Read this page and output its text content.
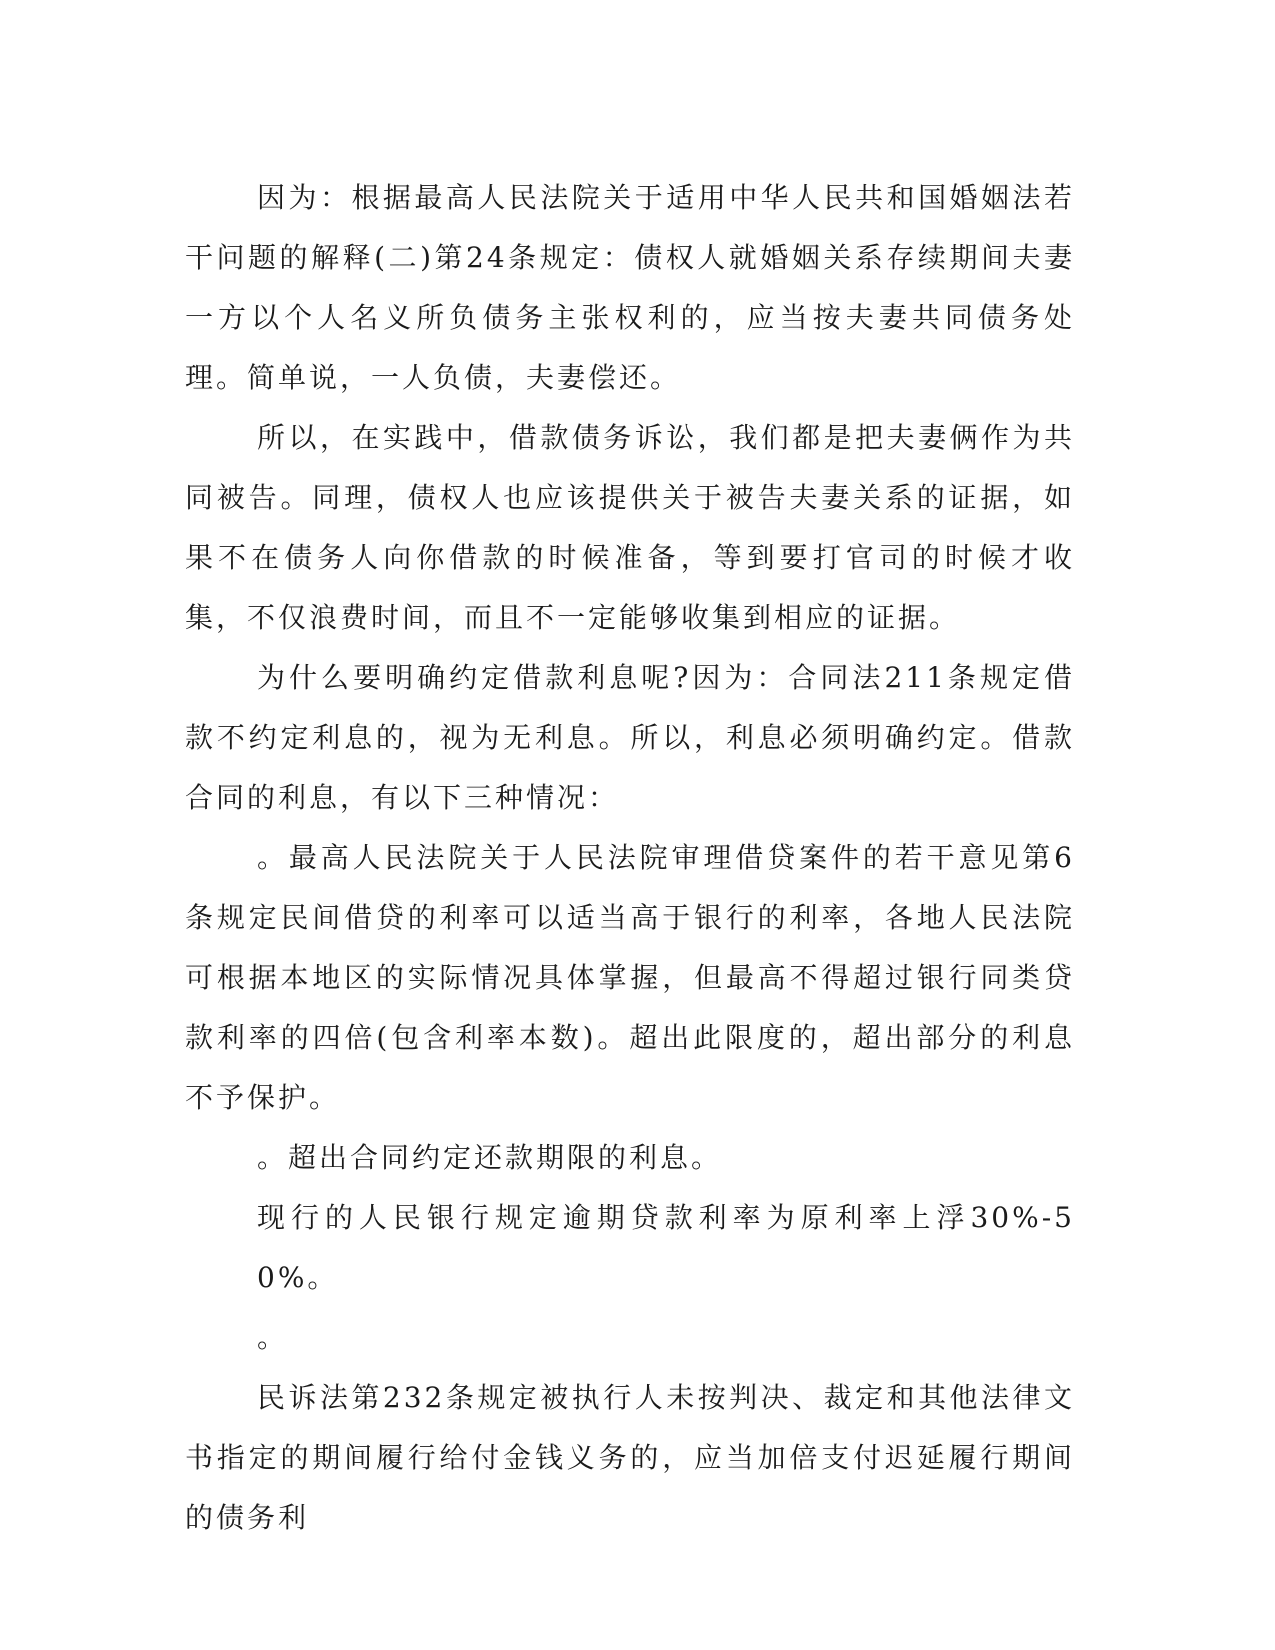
因为：根据最高人民法院关于适用中华人民共和国婚姻法若干问题的解释(二)第24条规定：债权人就婚姻关系存续期间夫妻一方以个人名义所负债务主张权利的，应当按夫妻共同债务处理。简单说，一人负债，夫妻偿还。

所以，在实践中，借款债务诉讼，我们都是把夫妻俩作为共同被告。同理，债权人也应该提供关于被告夫妻关系的证据，如果不在债务人向你借款的时候准备，等到要打官司的时候才收集，不仅浪费时间，而且不一定能够收集到相应的证据。

为什么要明确约定借款利息呢?因为：合同法211条规定借款不约定利息的，视为无利息。所以，利息必须明确约定。借款合同的利息，有以下三种情况：

。最高人民法院关于人民法院审理借贷案件的若干意见第6条规定民间借贷的利率可以适当高于银行的利率，各地人民法院可根据本地区的实际情况具体掌握，但最高不得超过银行同类贷款利率的四倍(包含利率本数)。超出此限度的，超出部分的利息不予保护。

。超出合同约定还款期限的利息。

现行的人民银行规定逾期贷款利率为原利率上浮30%-50%。

。

民诉法第232条规定被执行人未按判决、裁定和其他法律文书指定的期间履行给付金钱义务的，应当加倍支付迟延履行期间的债务利
